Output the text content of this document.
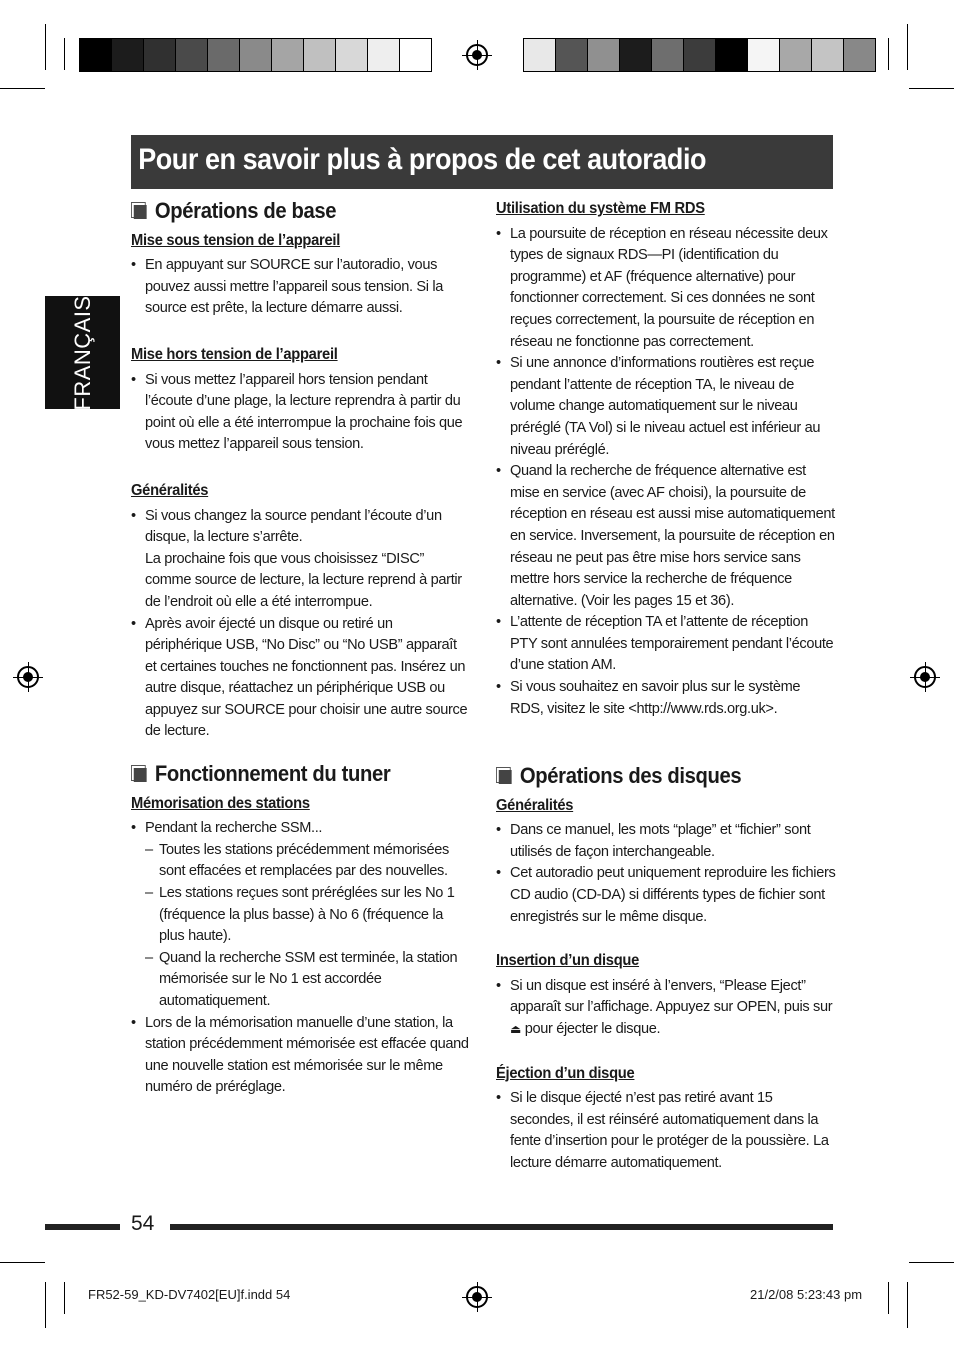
Pour en savoir plus à propos de cet autoradio
FRANÇAIS
Opérations de base
Mise sous tension de l’appareil
• En appuyant sur SOURCE sur l’autoradio, vous pouvez aussi mettre l’appareil sous tension. Si la source est prête, la lecture démarre aussi.
Mise hors tension de l’appareil
• Si vous mettez l’appareil hors tension pendant l’écoute d’une plage, la lecture reprendra à partir du point où elle a été interrompue la prochaine fois que vous mettez l’appareil sous tension.
Généralités
• Si vous changez la source pendant l’écoute d’un disque, la lecture s’arrête.
La prochaine fois que vous choisissez “DISC” comme source de lecture, la lecture reprend à partir de l’endroit où elle a été interrompue.
• Après avoir éjecté un disque ou retiré un périphérique USB, “No Disc” ou “No USB” apparaît et certaines touches ne fonctionnent pas. Insérez un autre disque, réattachez un périphérique USB ou appuyez sur SOURCE pour choisir une autre source de lecture.
Fonctionnement du tuner
Mémorisation des stations
• Pendant la recherche SSM...
– Toutes les stations précédemment mémorisées sont effacées et remplacées par des nouvelles.
– Les stations reçues sont préréglées sur les No 1 (fréquence la plus basse) à No 6 (fréquence la plus haute).
– Quand la recherche SSM est terminée, la station mémorisée sur le No 1 est accordée automatiquement.
• Lors de la mémorisation manuelle d’une station, la station précédemment mémorisée est effacée quand une nouvelle station est mémorisée sur le même numéro de préréglage.
Utilisation du système FM RDS
• La poursuite de réception en réseau nécessite deux types de signaux RDS—PI (identification du programme) et AF (fréquence alternative) pour fonctionner correctement. Si ces données ne sont reçues correctement, la poursuite de réception en réseau ne fonctionne pas correctement.
• Si une annonce d’informations routières est reçue pendant l’attente de réception TA, le niveau de volume change automatiquement sur le niveau préréglé (TA Vol) si le niveau actuel est inférieur au niveau préréglé.
• Quand la recherche de fréquence alternative est mise en service (avec AF choisi), la poursuite de réception en réseau est aussi mise automatiquement en service. Inversement, la poursuite de réception en réseau ne peut pas être mise hors service sans mettre hors service la recherche de fréquence alternative. (Voir les pages 15 et 36).
• L’attente de réception TA et l’attente de réception PTY sont annulées temporairement pendant l’écoute d’une station AM.
• Si vous souhaitez en savoir plus sur le système RDS, visitez le site <http://www.rds.org.uk>.
Opérations des disques
Généralités
• Dans ce manuel, les mots “plage” et “fichier” sont utilisés de façon interchangeable.
• Cet autoradio peut uniquement reproduire les fichiers CD audio (CD-DA) si différents types de fichier sont enregistrés sur le même disque.
Insertion d’un disque
• Si un disque est inséré à l’envers, “Please Eject” apparaît sur l’affichage. Appuyez sur OPEN, puis sur
⏏ pour éjecter le disque.
Éjection d’un disque
• Si le disque éjecté n’est pas retiré avant 15 secondes, il est réinséré automatiquement dans la fente d’insertion pour le protéger de la poussière. La lecture démarre automatiquement.
54
FR52-59_KD-DV7402[EU]f.indd 54	21/2/08 5:23:43 pm
